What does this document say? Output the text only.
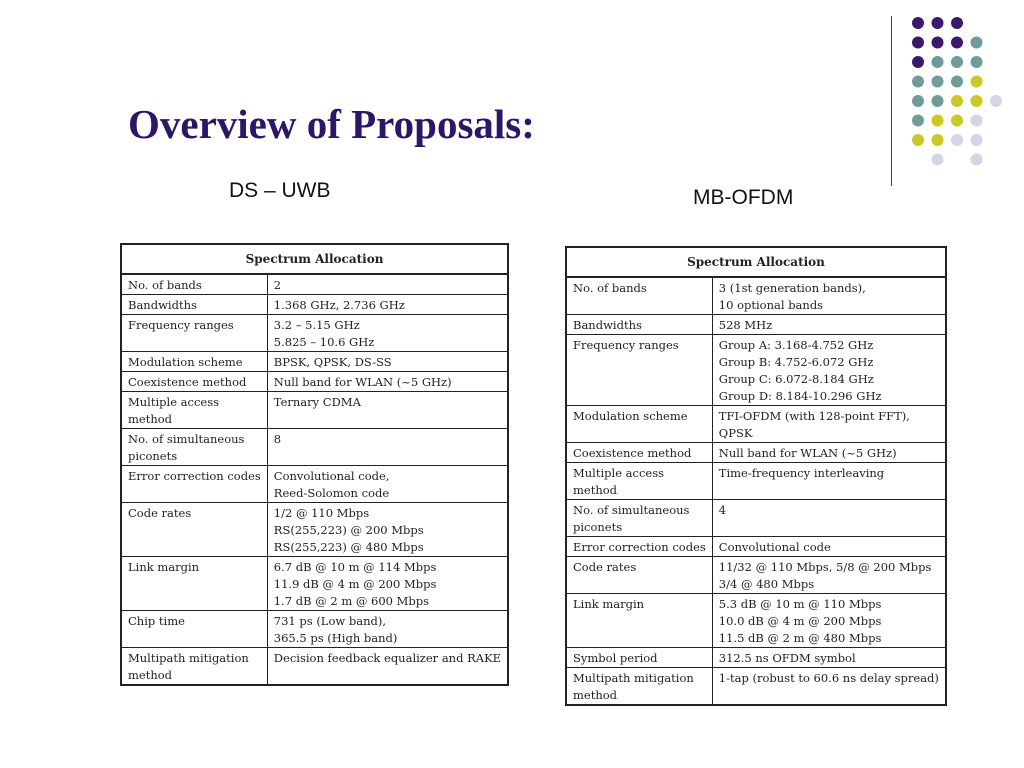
Overview of Proposals:
DS – UWB	MB-OFDM
Spectrum Allocation	

No. of bands	2

Bandwidths	1.368 GHz, 2.736 GHz

Frequency ranges	3.2 – 5.15 GHz
5.825 – 10.6 GHz

Modulation scheme	BPSK, QPSK, DS-SS

Coexistence method	Null band for WLAN (~5 GHz)

Multiple access
method	Ternary CDMA

No. of simultaneous
piconets	8

Error correction codes	Convolutional code,
Reed-Solomon code

Code rates	1/2 @ 110 Mbps
RS(255,223) @ 200 Mbps
RS(255,223) @ 480 Mbps

Link margin	6.7 dB @ 10 m @ 114 Mbps
11.9 dB @ 4 m @ 200 Mbps
1.7 dB @ 2 m @ 600 Mbps

Chip time	731 ps (Low band),
365.5 ps (High band)

Multipath mitigation
method	Decision feedback equalizer and RAKE
Spectrum Allocation	

No. of bands	3 (1st generation bands),
10 optional bands

Bandwidths	528 MHz

Frequency ranges	Group A: 3.168-4.752 GHz
Group B: 4.752-6.072 GHz
Group C: 6.072-8.184 GHz
Group D: 8.184-10.296 GHz

Modulation scheme	TFI-OFDM (with 128-point FFT),
QPSK

Coexistence method	Null band for WLAN (~5 GHz)

Multiple access
method	Time-frequency interleaving

No. of simultaneous
piconets	4

Error correction codes	Convolutional code

Code rates	11/32 @ 110 Mbps, 5/8 @ 200 Mbps
3/4 @ 480 Mbps

Link margin	5.3 dB @ 10 m @ 110 Mbps
10.0 dB @ 4 m @ 200 Mbps
11.5 dB @ 2 m @ 480 Mbps

Symbol period	312.5 ns OFDM symbol

Multipath mitigation
method	1-tap (robust to 60.6 ns delay spread)
